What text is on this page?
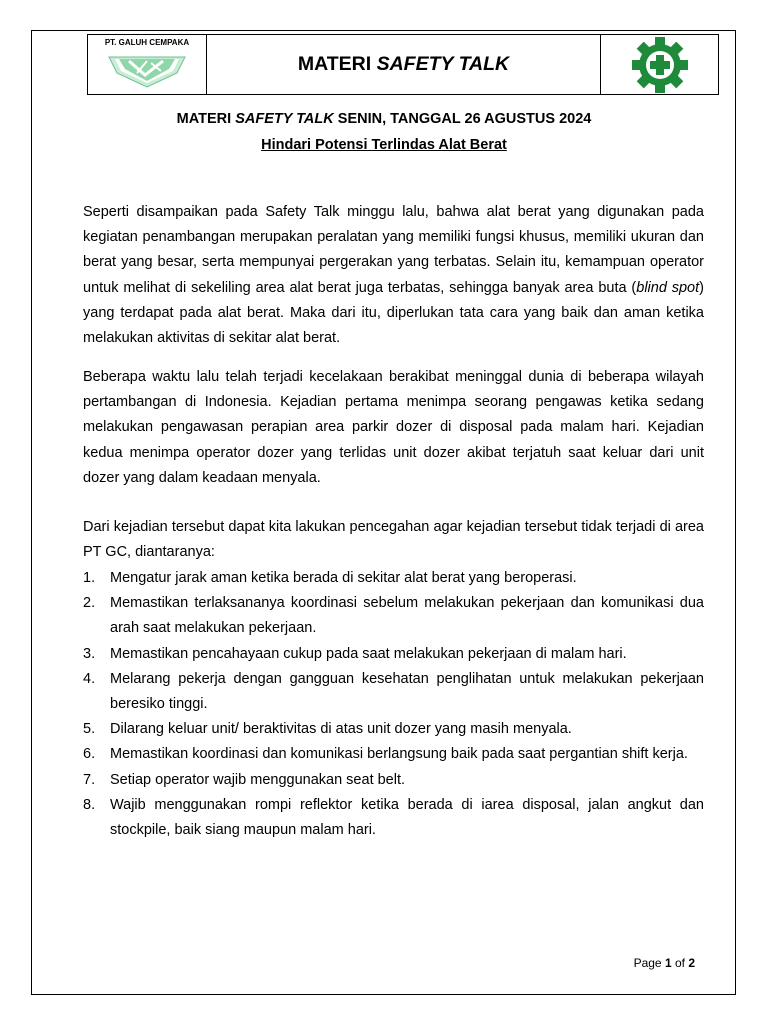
PT. GALUH CEMPAKA
MATERI
SAFETY TALK
MATERI SAFETY TALK SENIN, TANGGAL 26 AGUSTUS 2024
Hindari Potensi Terlindas Alat Berat

Seperti disampaikan pada Safety Talk minggu lalu, bahwa alat berat yang digunakan pada kegiatan penambangan merupakan peralatan yang memiliki fungsi khusus, memiliki ukuran dan berat yang besar, serta mempunyai pergerakan yang terbatas. Selain itu, kemampuan operator untuk melihat di sekeliling area alat berat juga terbatas, sehingga banyak area buta (blind spot) yang terdapat pada alat berat. Maka dari itu, diperlukan tata cara yang baik dan aman ketika melakukan aktivitas di sekitar alat berat.

Beberapa waktu lalu telah terjadi kecelakaan berakibat meninggal dunia di beberapa wilayah pertambangan di Indonesia. Kejadian pertama menimpa seorang pengawas ketika sedang melakukan pengawasan perapian area parkir dozer di disposal pada malam hari. Kejadian kedua menimpa operator dozer yang terlidas unit dozer akibat terjatuh saat keluar dari unit dozer yang dalam keadaan menyala.

Dari kejadian tersebut dapat kita lakukan pencegahan agar kejadian tersebut tidak terjadi di area PT GC, diantaranya:

1. Mengatur jarak aman ketika berada di sekitar alat berat yang beroperasi.
2. Memastikan terlaksananya koordinasi sebelum melakukan pekerjaan dan komunikasi dua arah saat melakukan pekerjaan.
3. Memastikan pencahayaan cukup pada saat melakukan pekerjaan di malam hari.
4. Melarang pekerja dengan gangguan kesehatan penglihatan untuk melakukan pekerjaan beresiko tinggi.
5. Dilarang keluar unit/ beraktivitas di atas unit dozer yang masih menyala.
6. Memastikan koordinasi dan komunikasi berlangsung baik pada saat pergantian shift kerja.
7. Setiap operator wajib menggunakan seat belt.
8. Wajib menggunakan rompi reflektor ketika berada di iarea disposal, jalan angkut dan stockpile, baik siang maupun malam hari.
Page 1 of 2
